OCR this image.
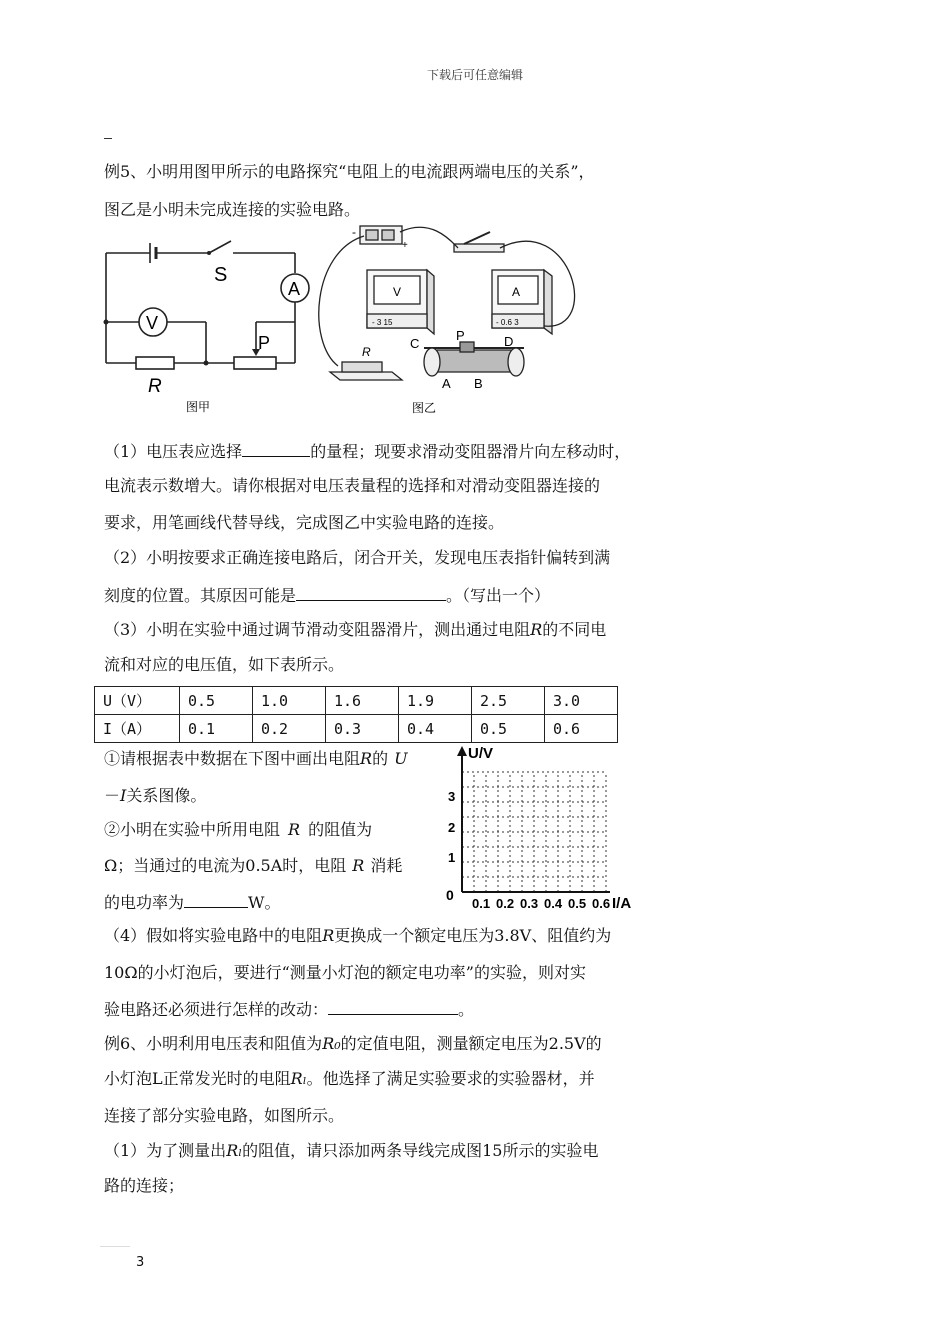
下载后可任意编辑
例5、小明用图甲所示的电路探究“电阻上的电流跟两端电压的关系”，
图乙是小明未完成连接的实验电路。
S
A
V
P
R
图甲
-
+
V	A
- 3 15	- 0.6 3
R
C
P	D
A B
图乙
（1）电压表应选择	的量程；现要求滑动变阻器滑片向左移动时，
电流表示数增大。请你根据对电压表量程的选择和对滑动变阻器连接的
要求，用笔画线代替导线，完成图乙中实验电路的连接。
（2）小明按要求正确连接电路后，闭合开关，发现电压表指针偏转到满
刻度的位置。其原因可能是	。（写出一个）
（3）小明在实验中通过调节滑动变阻器滑片，测出通过电阻R的不同电
流和对应的电压值，如下表所示。
U（V）	0.5	1.0	1.6	1.9	2.5	3.0
I（A）	0.1	0.2	0.3	0.4	0.5	0.6
①请根据表中数据在下图中画出电阻R的 U
－I关系图像。
②小明在实验中所用电阻 R 的阻值为
Ω；当通过的电流为0.5A时，电阻 R 消耗
的电功率为	W。
U/V
I/A
0
1
2
3
0.1 0.2 0.3 0.4 0.5 0.6
（4）假如将实验电路中的电阻R更换成一个额定电压为3.8V、阻值约为
10Ω的小灯泡后，要进行“测量小灯泡的额定电功率”的实验，则对实
验电路还必须进行怎样的改动：	。
例6、小明利用电压表和阻值为R₀的定值电阻，测量额定电压为2.5V的
小灯泡L正常发光时的电阻Rₗ。他选择了满足实验要求的实验器材，并
连接了部分实验电路，如图所示。
（1）为了测量出Rₗ的阻值，请只添加两条导线完成图15所示的实验电
路的连接；
3
